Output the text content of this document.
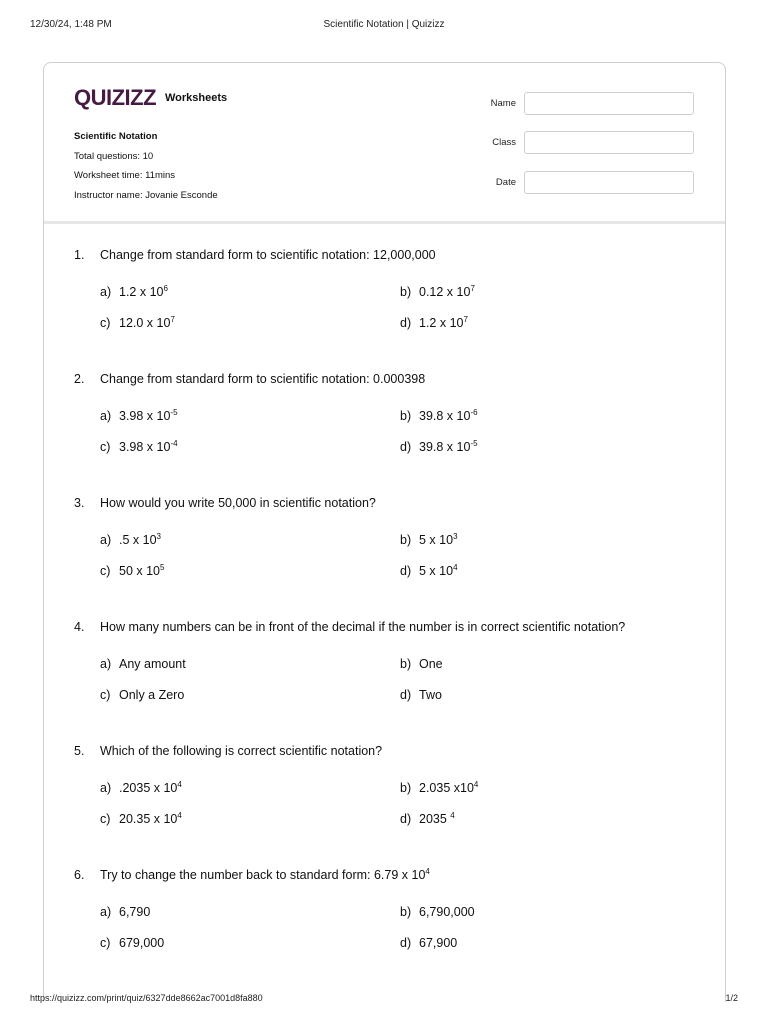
12/30/24, 1:48 PM	Scientific Notation | Quizizz
QUIZIZZ Worksheets
Scientific Notation
Total questions: 10
Worksheet time: 11mins
Instructor name: Jovanie Esconde
Name
Class
Date
1. Change from standard form to scientific notation: 12,000,000
a) 1.2 x $10^6$	b) 0.12 x $10^7$
c) 12.0 x $10^7$	d) 1.2 x $10^7$
2. Change from standard form to scientific notation: 0.000398
a) 3.98 x $10^{-5}$	b) 39.8 x $10^{-6}$
c) 3.98 x $10^{-4}$	d) 39.8 x $10^{-5}$
3. How would you write 50,000 in scientific notation?
a) .5 x $10^3$	b) 5 x $10^3$
c) 50 x $10^5$	d) 5 x $10^4$
4. How many numbers can be in front of the decimal if the number is in correct scientific notation?
a) Any amount	b) One
c) Only a Zero	d) Two
5. Which of the following is correct scientific notation?
a) .2035 x $10^4$	b) 2.035 $x10^4$
c) 20.35 x $10^4$	d) 2035 $^4$
6. Try to change the number back to standard form: 6.79 x $10^4$
a) 6,790	b) 6,790,000
c) 679,000	d) 67,900
https://quizizz.com/print/quiz/6327dde8662ac7001d8fa880	1/2
